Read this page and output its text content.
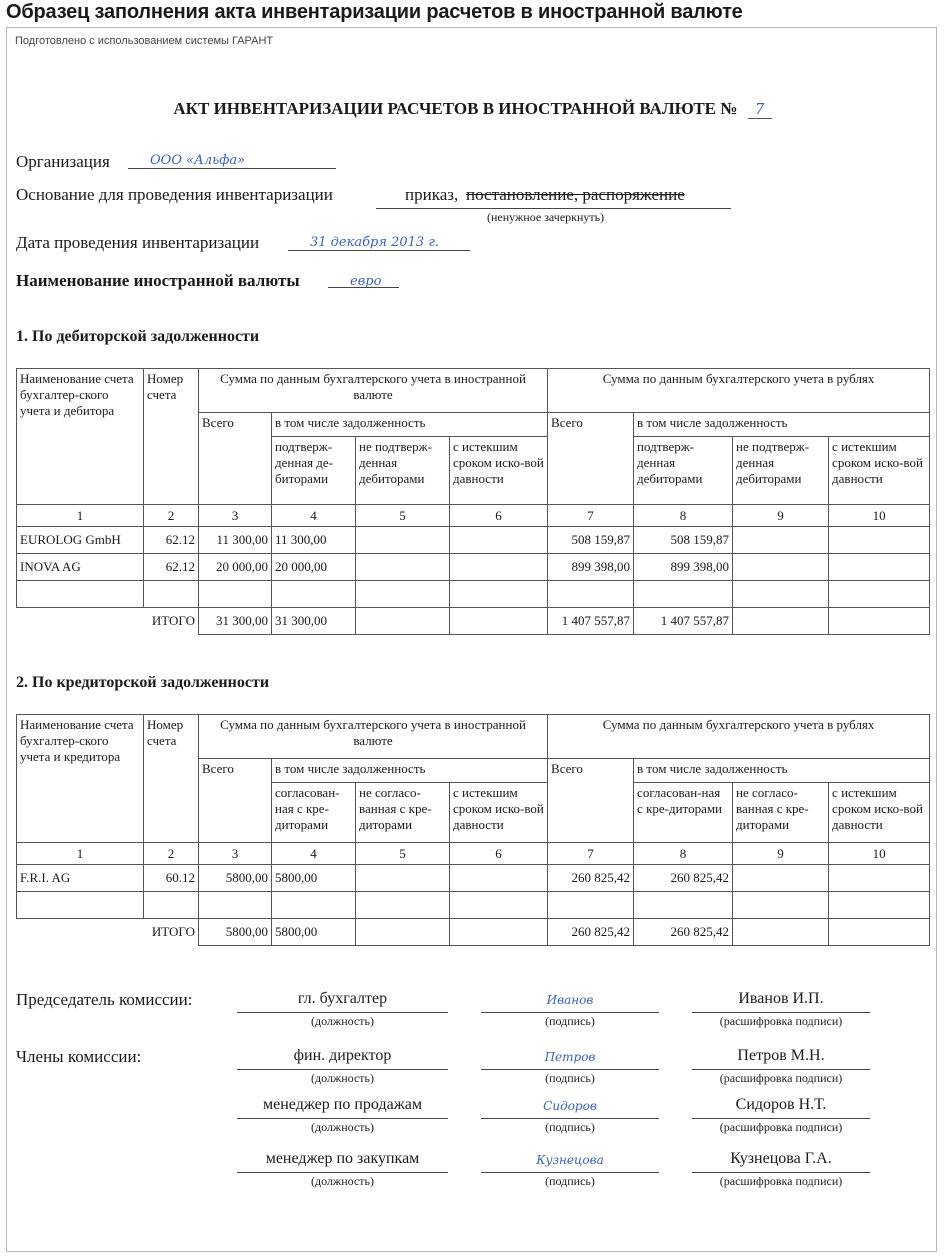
Образец заполнения акта инвентаризации расчетов в иностранной валюте
Подготовлено с использованием системы ГАРАНТ
АКТ ИНВЕНТАРИЗАЦИИ РАСЧЕТОВ В ИНОСТРАННОЙ ВАЛЮТЕ № 7
Организация	ООО «Альфа»
Основание для проведения инвентаризации	приказ, постановление, распоряжение
(ненужное зачеркнуть)
Дата проведения инвентаризации	31 декабря 2013 г.
Наименование иностранной валюты	евро
1. По дебиторской задолженности
Наименование счета бухгалтер-ского учета и дебитора	Номер счета	Сумма по данным бухгалтерского учета в иностранной валюте				Сумма по данным бухгалтерского учета в рублях			
		Всего	в том числе задолженность			Всего	в том числе задолженность		
			подтверж-денная де-биторами	не подтверж-денная дебиторами	с истекшим сроком иско-вой давности		подтверж-денная дебиторами	не подтверж-денная дебиторами	с истекшим сроком иско-вой давности
1	2	3	4	5	6	7	8	9	10
EUROLOG GmbH	62.12	11 300,00	11 300,00			508 159,87	508 159,87		
INOVA AG	62.12	20 000,00	20 000,00			899 398,00	899 398,00		

	ИТОГО	31 300,00	31 300,00			1 407 557,87	1 407 557,87		
2. По кредиторской задолженности
Наименование счета бухгалтер-ского учета и кредитора	Номер счета	Сумма по данным бухгалтерского учета в иностранной валюте				Сумма по данным бухгалтерского учета в рублях			
		Всего	в том числе задолженность			Всего	в том числе задолженность		
			согласован-ная с кре-диторами	не согласо-ванная с кре-диторами	с истекшим сроком иско-вой давности		согласован-ная с кре-диторами	не согласо-ванная с кре-диторами	с истекшим сроком иско-вой давности
1	2	3	4	5	6	7	8	9	10
F.R.I. AG	60.12	5800,00	5800,00			260 825,42	260 825,42		

	ИТОГО	5800,00	5800,00			260 825,42	260 825,42		
Председатель комиссии:
Члены комиссии:
гл. бухгалтер
(должность)
Иванов
(подпись)
Иванов И.П.
(расшифровка подписи)
фин. директор
(должность)
Петров
(подпись)
Петров М.Н.
(расшифровка подписи)
менеджер по продажам
(должность)
Сидоров
(подпись)
Сидоров Н.Т.
(расшифровка подписи)
менеджер по закупкам
(должность)
Кузнецова
(подпись)
Кузнецова Г.А.
(расшифровка подписи)
